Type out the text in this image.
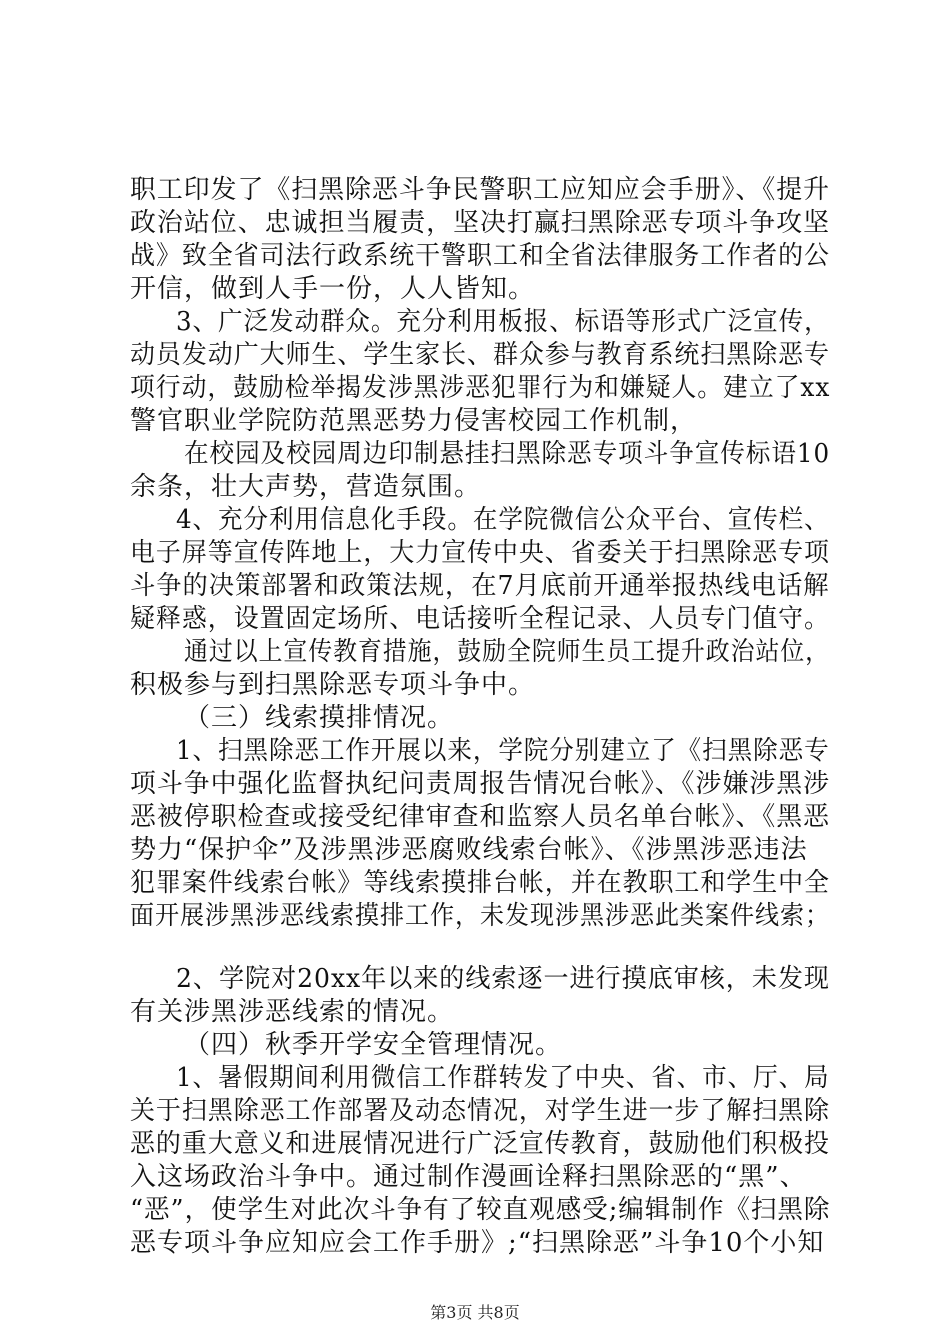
职工印发了《扫黑除恶斗争民警职工应知应会手册》、《提升
政治站位、忠诚担当履责，坚决打赢扫黑除恶专项斗争攻坚
战》致全省司法行政系统干警职工和全省法律服务工作者的公
开信，做到人手一份，人人皆知。
3、广泛发动群众。充分利用板报、标语等形式广泛宣传，
动员发动广大师生、学生家长、群众参与教育系统扫黑除恶专
项行动，鼓励检举揭发涉黑涉恶犯罪行为和嫌疑人。建立了xx
警官职业学院防范黑恶势力侵害校园工作机制，
在校园及校园周边印制悬挂扫黑除恶专项斗争宣传标语10
余条，壮大声势，营造氛围。
4、充分利用信息化手段。在学院微信公众平台、宣传栏、
电子屏等宣传阵地上，大力宣传中央、省委关于扫黑除恶专项
斗争的决策部署和政策法规，在7月底前开通举报热线电话解
疑释惑，设置固定场所、电话接听全程记录、人员专门值守。
通过以上宣传教育措施，鼓励全院师生员工提升政治站位，
积极参与到扫黑除恶专项斗争中。
（三）线索摸排情况。
1、扫黑除恶工作开展以来，学院分别建立了《扫黑除恶专
项斗争中强化监督执纪问责周报告情况台帐》、《涉嫌涉黑涉
恶被停职检查或接受纪律审查和监察人员名单台帐》、《黑恶
势力“保护伞”及涉黑涉恶腐败线索台帐》、《涉黑涉恶违法
犯罪案件线索台帐》等线索摸排台帐，并在教职工和学生中全
面开展涉黑涉恶线索摸排工作，未发现涉黑涉恶此类案件线索；
2、学院对20xx年以来的线索逐一进行摸底审核，未发现
有关涉黑涉恶线索的情况。
（四）秋季开学安全管理情况。
1、暑假期间利用微信工作群转发了中央、省、市、厅、局
关于扫黑除恶工作部署及动态情况，对学生进一步了解扫黑除
恶的重大意义和进展情况进行广泛宣传教育，鼓励他们积极投
入这场政治斗争中。通过制作漫画诠释扫黑除恶的“黑”、
“恶”，使学生对此次斗争有了较直观感受;编辑制作《扫黑除
恶专项斗争应知应会工作手册》;“扫黑除恶”斗争10个小知
第3页 共8页
